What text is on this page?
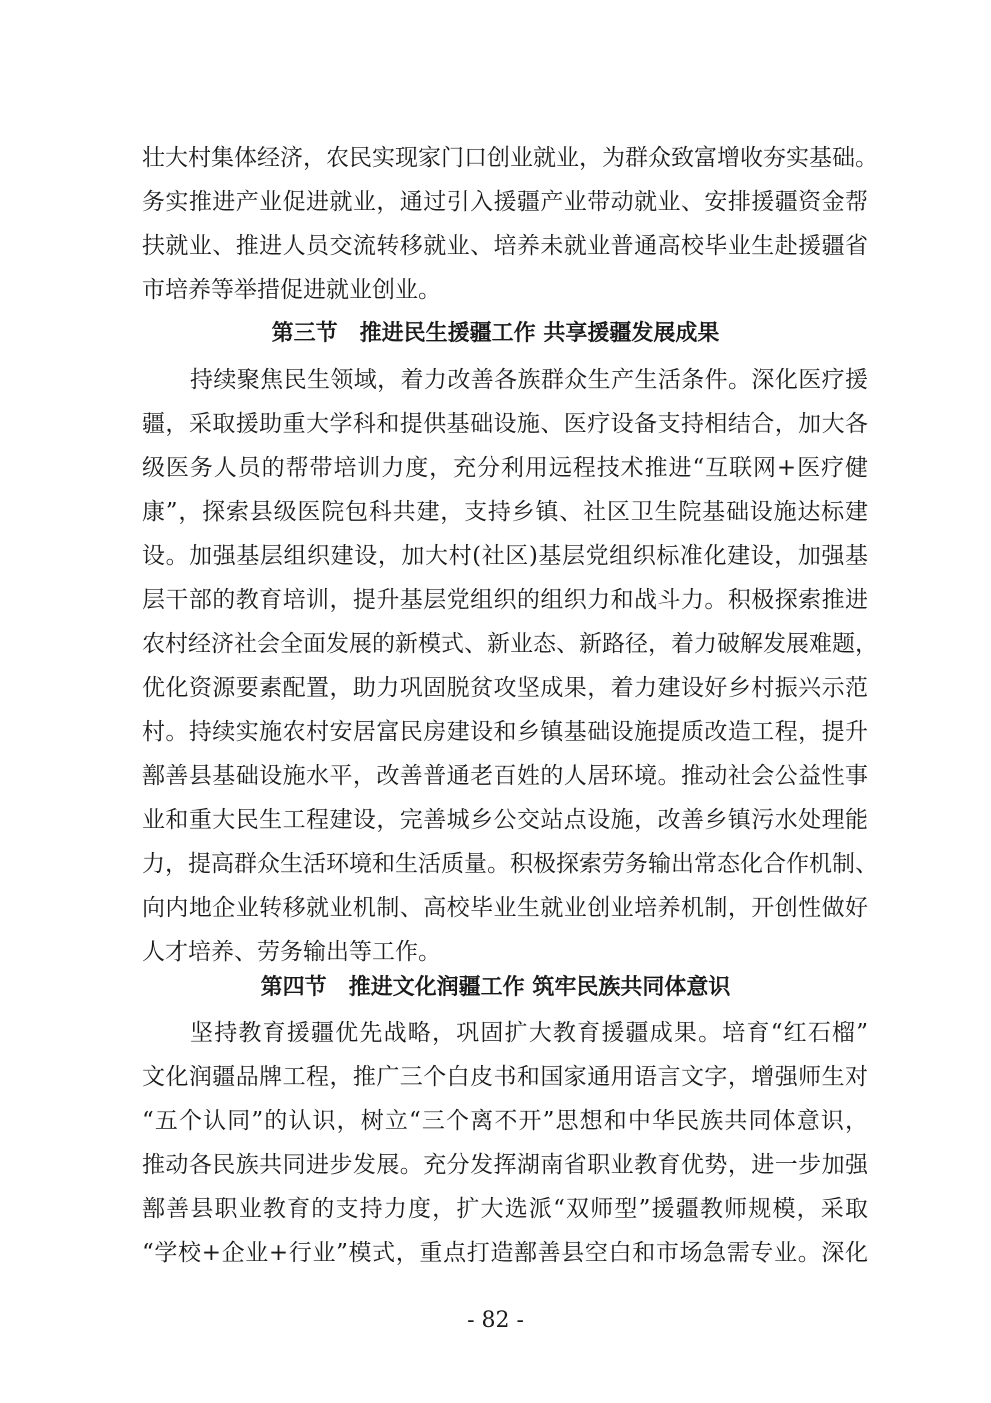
壮大村集体经济，农民实现家门口创业就业，为群众致富增收夯实基础。
务实推进产业促进就业，通过引入援疆产业带动就业、安排援疆资金帮
扶就业、推进人员交流转移就业、培养未就业普通高校毕业生赴援疆省
市培养等举措促进就业创业。
第三节　推进民生援疆工作 共享援疆发展成果
持续聚焦民生领域，着力改善各族群众生产生活条件。深化医疗援
疆，采取援助重大学科和提供基础设施、医疗设备支持相结合，加大各
级医务人员的帮带培训力度，充分利用远程技术推进“互联网+医疗健
康”，探索县级医院包科共建，支持乡镇、社区卫生院基础设施达标建
设。加强基层组织建设，加大村(社区)基层党组织标准化建设，加强基
层干部的教育培训，提升基层党组织的组织力和战斗力。积极探索推进
农村经济社会全面发展的新模式、新业态、新路径，着力破解发展难题，
优化资源要素配置，助力巩固脱贫攻坚成果，着力建设好乡村振兴示范
村。持续实施农村安居富民房建设和乡镇基础设施提质改造工程，提升
鄯善县基础设施水平，改善普通老百姓的人居环境。推动社会公益性事
业和重大民生工程建设，完善城乡公交站点设施，改善乡镇污水处理能
力，提高群众生活环境和生活质量。积极探索劳务输出常态化合作机制、
向内地企业转移就业机制、高校毕业生就业创业培养机制，开创性做好
人才培养、劳务输出等工作。
第四节　推进文化润疆工作 筑牢民族共同体意识
坚持教育援疆优先战略，巩固扩大教育援疆成果。培育“红石榴”
文化润疆品牌工程，推广三个白皮书和国家通用语言文字，增强师生对
“五个认同”的认识，树立“三个离不开”思想和中华民族共同体意识，
推动各民族共同进步发展。充分发挥湖南省职业教育优势，进一步加强
鄯善县职业教育的支持力度，扩大选派“双师型”援疆教师规模，采取
“学校+企业+行业”模式，重点打造鄯善县空白和市场急需专业。深化
- 82 -
